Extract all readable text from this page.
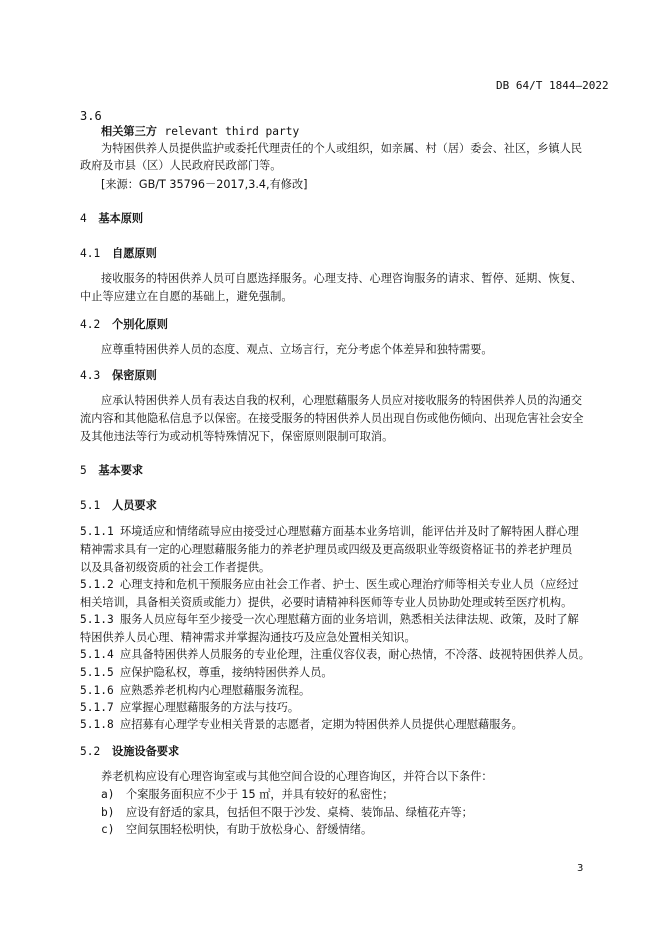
DB 64/T 1844—2022
3.6
相关第三方 relevant third party
为特困供养人员提供监护或委托代理责任的个人或组织，如亲属、村（居）委会、社区，乡镇人民
政府及市县（区）人民政府民政部门等。
[来源：GB/T 35796－2017,3.4,有修改]
4 基本原则
4.1 自愿原则
接收服务的特困供养人员可自愿选择服务。心理支持、心理咨询服务的请求、暂停、延期、恢复、
中止等应建立在自愿的基础上，避免强制。
4.2 个别化原则
应尊重特困供养人员的态度、观点、立场言行，充分考虑个体差异和独特需要。
4.3 保密原则
应承认特困供养人员有表达自我的权利，心理慰藉服务人员应对接收服务的特困供养人员的沟通交
流内容和其他隐私信息予以保密。在接受服务的特困供养人员出现自伤或他伤倾向、出现危害社会安全
及其他违法等行为或动机等特殊情况下，保密原则限制可取消。
5 基本要求
5.1 人员要求
5.1.1 环境适应和情绪疏导应由接受过心理慰藉方面基本业务培训，能评估并及时了解特困人群心理
精神需求具有一定的心理慰藉服务能力的养老护理员或四级及更高级职业等级资格证书的养老护理员
以及具备初级资质的社会工作者提供。
5.1.2 心理支持和危机干预服务应由社会工作者、护士、医生或心理治疗师等相关专业人员（应经过
相关培训，具备相关资质或能力）提供，必要时请精神科医师等专业人员协助处理或转至医疗机构。
5.1.3 服务人员应每年至少接受一次心理慰藉方面的业务培训，熟悉相关法律法规、政策，及时了解
特困供养人员心理、精神需求并掌握沟通技巧及应急处置相关知识。
5.1.4 应具备特困供养人员服务的专业伦理，注重仪容仪表，耐心热情，不冷落、歧视特困供养人员。
5.1.5 应保护隐私权，尊重，接纳特困供养人员。
5.1.6 应熟悉养老机构内心理慰藉服务流程。
5.1.7 应掌握心理慰藉服务的方法与技巧。
5.1.8 应招募有心理学专业相关背景的志愿者，定期为特困供养人员提供心理慰藉服务。
5.2 设施设备要求
养老机构应设有心理咨询室或与其他空间合设的心理咨询区，并符合以下条件：
a) 个案服务面积应不少于 15 ㎡，并具有较好的私密性；
b) 应设有舒适的家具，包括但不限于沙发、桌椅、装饰品、绿植花卉等；
c) 空间氛围轻松明快，有助于放松身心、舒缓情绪。
3
